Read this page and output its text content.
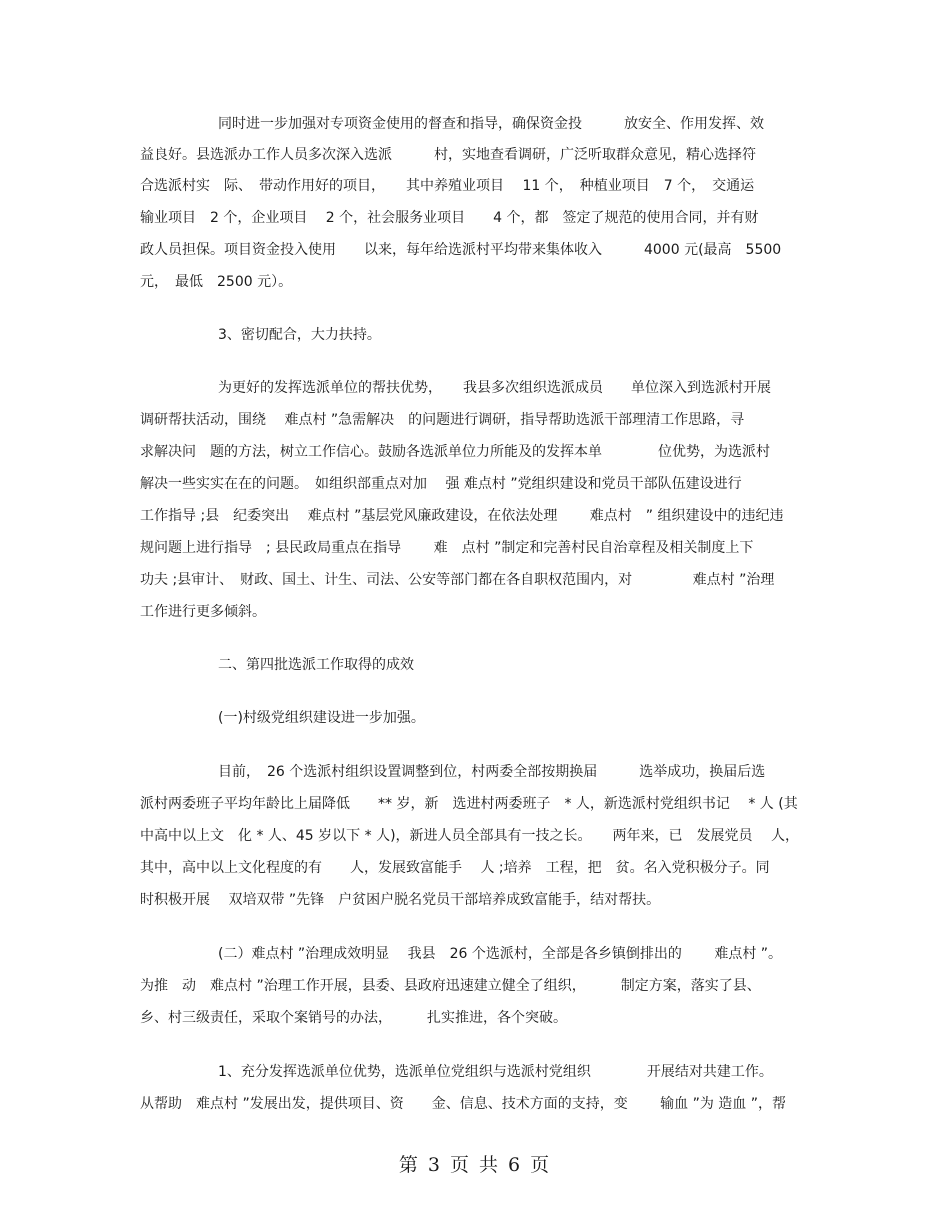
同时进一步加强对专项资金使用的督查和指导，确保资金投　　　放安全、作用发挥、效
益良好。县选派办工作人员多次深入选派　　　村，实地查看调研，广泛听取群众意见，精心选择符
合选派村实　际、　带动作用好的项目，　　其中养殖业项目　 11 个，　种植业项目　7 个，　交通运
输业项目　2 个，企业项目　 2 个，社会服务业项目　　4 个，都　签定了规范的使用合同，并有财
政人员担保。项目资金投入使用　　以来，每年给选派村平均带来集体收入　　　4000 元(最高　5500
元，　最低　2500 元）。
3、密切配合，大力扶持。
为更好的发挥选派单位的帮扶优势，　　我县多次组织选派成员　　单位深入到选派村开展
调研帮扶活动，围绕　 难点村 ”急需解决　的问题进行调研，指导帮助选派干部理清工作思路，寻
求解决问　题的方法，树立工作信心。鼓励各选派单位力所能及的发挥本单　　　　位优势，为选派村
解决一些实实在在的问题。　如组织部重点对加　 强 难点村 ”党组织建设和党员干部队伍建设进行
工作指导 ;县　纪委突出　 难点村 ”基层党风廉政建设，在依法处理　　 难点村　” 组织建设中的违纪违
规问题上进行指导　; 县民政局重点在指导　　 难　点村 ”制定和完善村民自治章程及相关制度上下
功夫 ;县审计、　财政、国土、计生、司法、公安等部门都在各自职权范围内，对　　　　 难点村 ”治理
工作进行更多倾斜。
二、第四批选派工作取得的成效
(一)村级党组织建设进一步加强。
目前，　26 个选派村组织设置调整到位，村两委全部按期换届　　　选举成功，换届后选
派村两委班子平均年龄比上届降低　　** 岁，新　选进村两委班子　* 人，新选派村党组织书记　 * 人 (其
中高中以上文　化 * 人、45 岁以下 * 人)，新进人员全部具有一技之长。　　两年来，已　发展党员　 人，
其中，高中以上文化程度的有　　人，发展致富能手　 人 ;培养　工程，把　贫。名入党积极分子。同
时积极开展　 双培双带 ”先锋　户贫困户脱名党员干部培养成致富能手，结对帮扶。
(二）难点村 ”治理成效明显　 我县　26 个选派村，全部是各乡镇倒排出的　　 难点村 ”。
为推　动　难点村 ”治理工作开展，县委、县政府迅速建立健全了组织，　　　制定方案，落实了县、
乡、村三级责任，采取个案销号的办法，　　　扎实推进，各个突破。
1、充分发挥选派单位优势，选派单位党组织与选派村党组织　　　　开展结对共建工作。
从帮助　难点村 ”发展出发，提供项目、资　　金、信息、技术方面的支持，变　　 输血 ”为 造血 ”，帮
第 3 页 共 6 页
